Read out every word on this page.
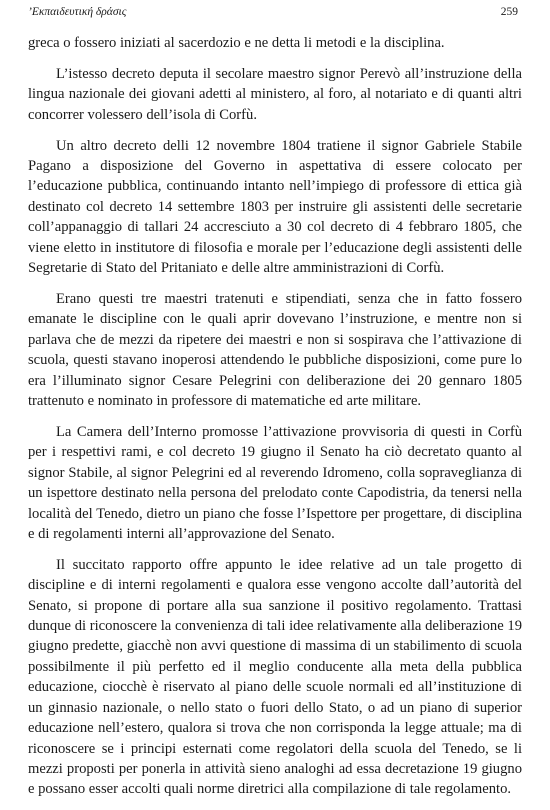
’Εκπαιδευτική δράσις	259

greca o fossero iniziati al sacerdozio e ne detta li metodi e la disciplina.

L’istesso decreto deputa il secolare maestro signor Perevò all’instruzione della lingua nazionale dei giovani adetti al ministero, al foro, al notariato e di quanti altri concorrer volessero dell’isola di Corfù.

Un altro decreto delli 12 novembre 1804 tratiene il signor Gabriele Stabile Pagano a disposizione del Governo in aspettativa di essere colocato per l’educazione pubblica, continuando intanto nell’impiego di professore di ettica già destinato col decreto 14 settembre 1803 per instruire gli assistenti delle secretarie coll’appanaggio di tallari 24 accresciuto a 30 col decreto di 4 febbraro 1805, che viene eletto in institutore di filosofia e morale per l’educazione degli assistenti delle Segretarie di Stato del Pritaniato e delle altre amministrazioni di Corfù.

Erano questi tre maestri tratenuti e stipendiati, senza che in fatto fossero emanate le discipline con le quali aprir dovevano l’instruzione, e mentre non si parlava che de mezzi da ripetere dei maestri e non si sospirava che l’attivazione di scuola, questi stavano inoperosi attendendo le pubbliche disposizioni, come pure lo era l’illuminato signor Cesare Pelegrini con deliberazione dei 20 gennaro 1805 trattenuto e nominato in professore di matematiche ed arte militare.

La Camera dell’Interno promosse l’attivazione provvisoria di questi in Corfù per i respettivi rami, e col decreto 19 giugno il Senato ha ciò decretato quanto al signor Stabile, al signor Pelegrini ed al reverendo Idromeno, colla sopraveglianza di un ispettore destinato nella persona del prelodato conte Capodistria, da tenersi nella località del Tenedo, dietro un piano che fosse l’Ispettore per progettare, di disciplina e di regolamenti interni all’approvazione del Senato.

Il succitato rapporto offre appunto le idee relative ad un tale progetto di discipline e di interni regolamenti e qualora esse vengono accolte dall’autorità del Senato, si propone di portare alla sua sanzione il positivo regolamento. Trattasi dunque di riconoscere la convenienza di tali idee relativamente alla deliberazione 19 giugno predette, giacchè non avvi questione di massima di un stabilimento di scuola possibilmente il più perfetto ed il meglio conducente alla meta della pubblica educazione, ciocchè è riservato al piano delle scuole normali ed all’instituzione di un ginnasio nazionale, o nello stato o fuori dello Stato, o ad un piano di superior educazione nell’estero, qualora si trova che non corrisponda la legge attuale; ma di riconoscere se i principi esternati come regolatori della scuola del Tenedo, se li mezzi proposti per ponerla in attività sieno analoghi ad essa decretazione 19 giugno e possano esser accolti quali norme diretrici alla compilazione di tale regolamento.
